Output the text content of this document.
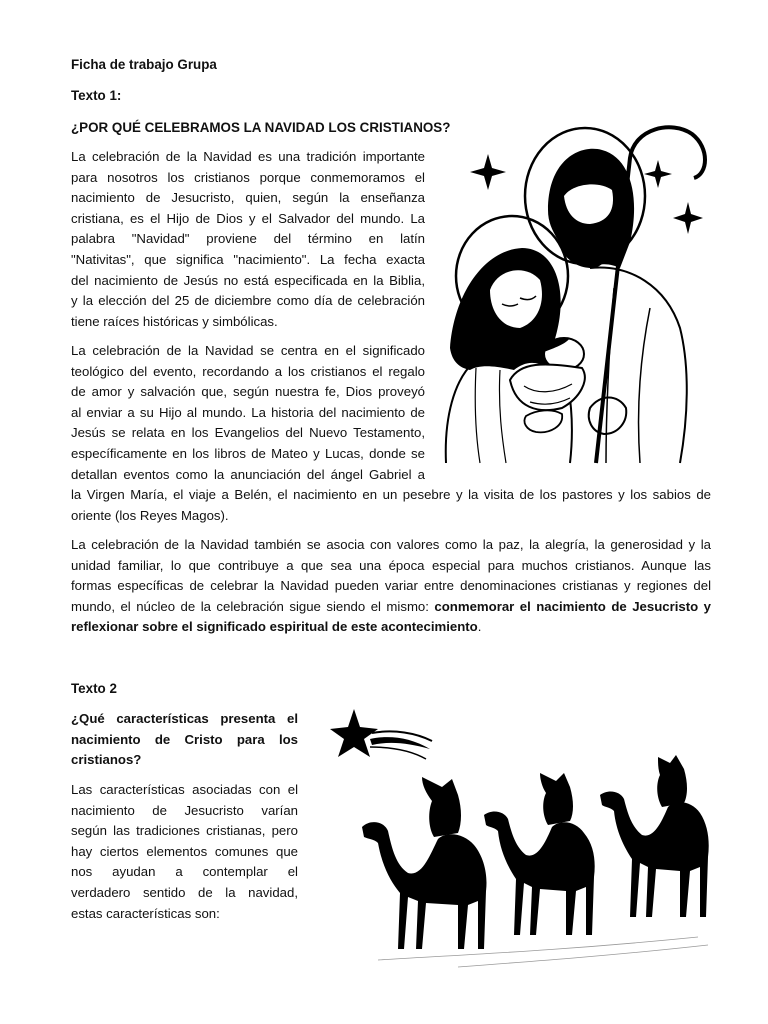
Ficha de trabajo Grupa

Texto 1:

¿POR QUÉ CELEBRAMOS LA NAVIDAD LOS CRISTIANOS?

La celebración de la Navidad es una tradición importante

para nosotros los cristianos porque conmemoramos el

nacimiento de Jesucristo, quien, según la enseñanza

cristiana, es el Hijo de Dios y el Salvador del mundo. La

palabra "Navidad" proviene del término en latín

"Nativitas", que significa "nacimiento". La fecha exacta

del nacimiento de Jesús no está especificada en la Biblia,

y la elección del 25 de diciembre como día de celebración

tiene raíces históricas y simbólicas.

La celebración de la Navidad se centra en el significado

teológico del evento, recordando a los cristianos el regalo

de amor y salvación que, según nuestra fe, Dios proveyó

al enviar a su Hijo al mundo. La historia del nacimiento de

Jesús se relata en los Evangelios del Nuevo Testamento,

específicamente en los libros de Mateo y Lucas, donde se

detallan eventos como la anunciación del ángel Gabriel a

la Virgen María, el viaje a Belén, el nacimiento en un pesebre y la visita de los pastores y los sabios de

oriente (los Reyes Magos).

La celebración de la Navidad también se asocia con valores como la paz, la alegría, la generosidad y la

unidad familiar, lo que contribuye a que sea una época especial para muchos cristianos. Aunque las

formas específicas de celebrar la Navidad pueden variar entre denominaciones cristianas y regiones del

mundo, el núcleo de la celebración sigue siendo el mismo: conmemorar el nacimiento de Jesucristo y

reflexionar sobre el significado espiritual de este acontecimiento.

Texto 2

¿Qué características presenta el

nacimiento de Cristo para los

cristianos?

Las características asociadas con el

nacimiento de Jesucristo varían

según las tradiciones cristianas, pero

hay ciertos elementos comunes que

nos ayudan a contemplar el

verdadero sentido de la navidad,

estas características son:
